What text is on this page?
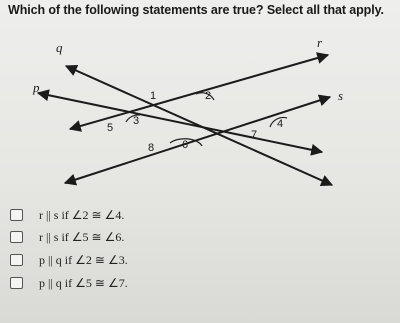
Which of the following statements are true? Select all that apply.
q	r
p
s
1	2
3	4
5
6
7
8
r || s if ∠2 ≅ ∠4.
r || s if ∠5 ≅ ∠6.
p || q if ∠2 ≅ ∠3.
p || q if ∠5 ≅ ∠7.
